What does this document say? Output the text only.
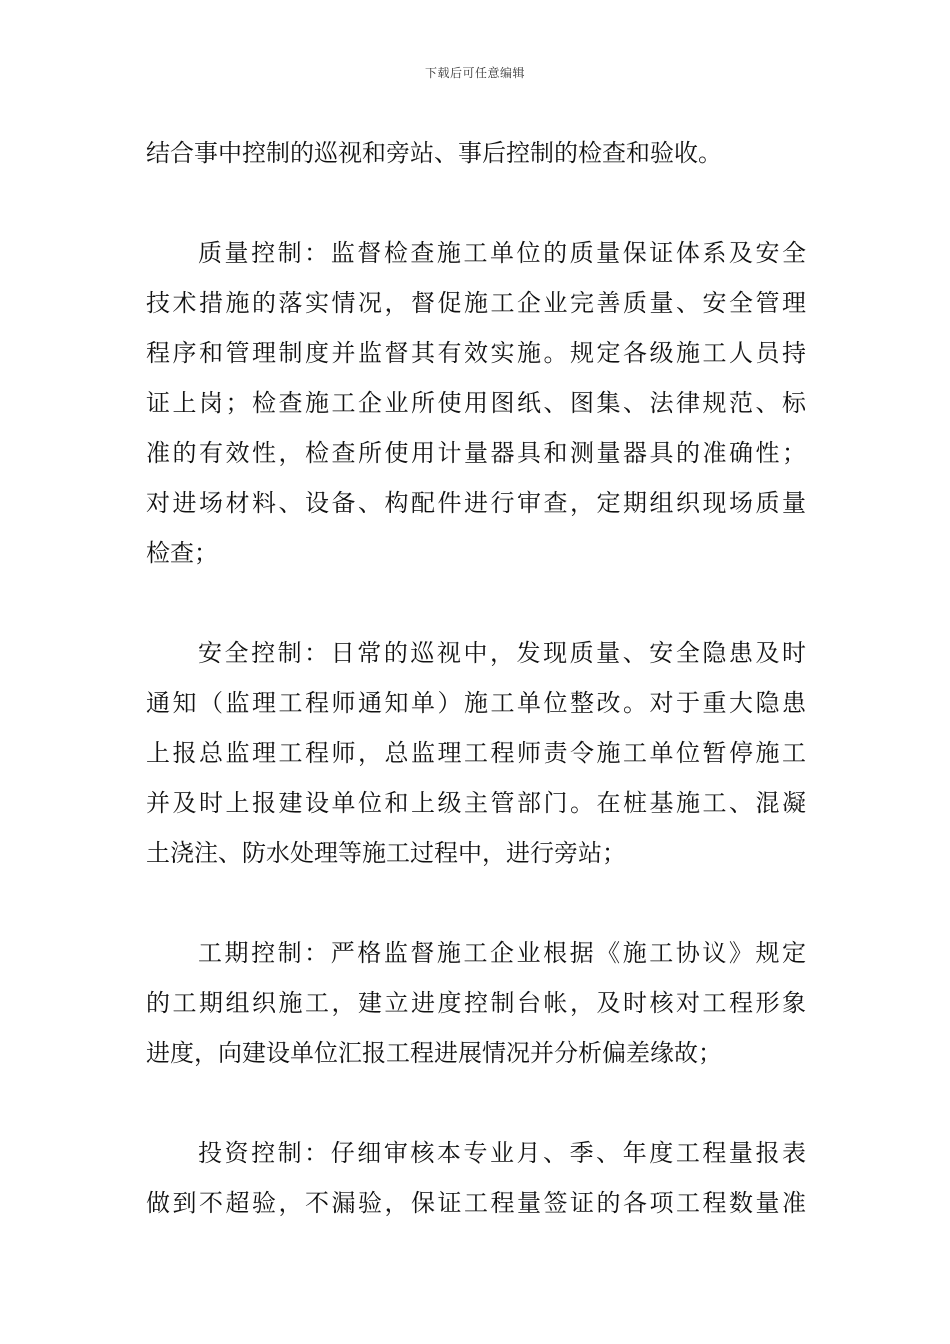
下载后可任意编辑
结合事中控制的巡视和旁站、事后控制的检查和验收。
质量控制：监督检查施工单位的质量保证体系及安全
技术措施的落实情况，督促施工企业完善质量、安全管理
程序和管理制度并监督其有效实施。规定各级施工人员持
证上岗；检查施工企业所使用图纸、图集、法律规范、标
准的有效性，检查所使用计量器具和测量器具的准确性；
对进场材料、设备、构配件进行审查，定期组织现场质量
检查；
安全控制：日常的巡视中，发现质量、安全隐患及时
通知（监理工程师通知单）施工单位整改。对于重大隐患
上报总监理工程师，总监理工程师责令施工单位暂停施工
并及时上报建设单位和上级主管部门。在桩基施工、混凝
土浇注、防水处理等施工过程中，进行旁站；
工期控制：严格监督施工企业根据《施工协议》规定
的工期组织施工，建立进度控制台帐，及时核对工程形象
进度，向建设单位汇报工程进展情况并分析偏差缘故；
投资控制：仔细审核本专业月、季、年度工程量报表
做到不超验，不漏验，保证工程量签证的各项工程数量准
